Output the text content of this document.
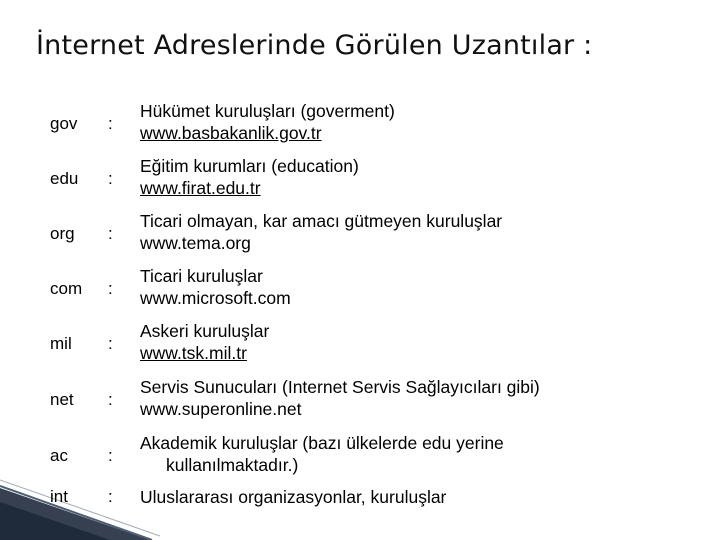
İnternet Adreslerinde Görülen Uzantılar :
gov :
Hükümet kuruluşları (goverment)
www.basbakanlik.gov.tr
edu :
Eğitim kurumları (education)
www.firat.edu.tr
org :
Ticari olmayan, kar amacı gütmeyen kuruluşlar
www.tema.org
com :
Ticari kuruluşlar
www.microsoft.com
mil :
Askeri kuruluşlar
www.tsk.mil.tr
net :
Servis Sunucuları (Internet Servis Sağlayıcıları gibi)
www.superonline.net
ac :
Akademik kuruluşlar (bazı ülkelerde edu yerine
kullanılmaktadır.)
int : Uluslararası organizasyonlar, kuruluşlar
